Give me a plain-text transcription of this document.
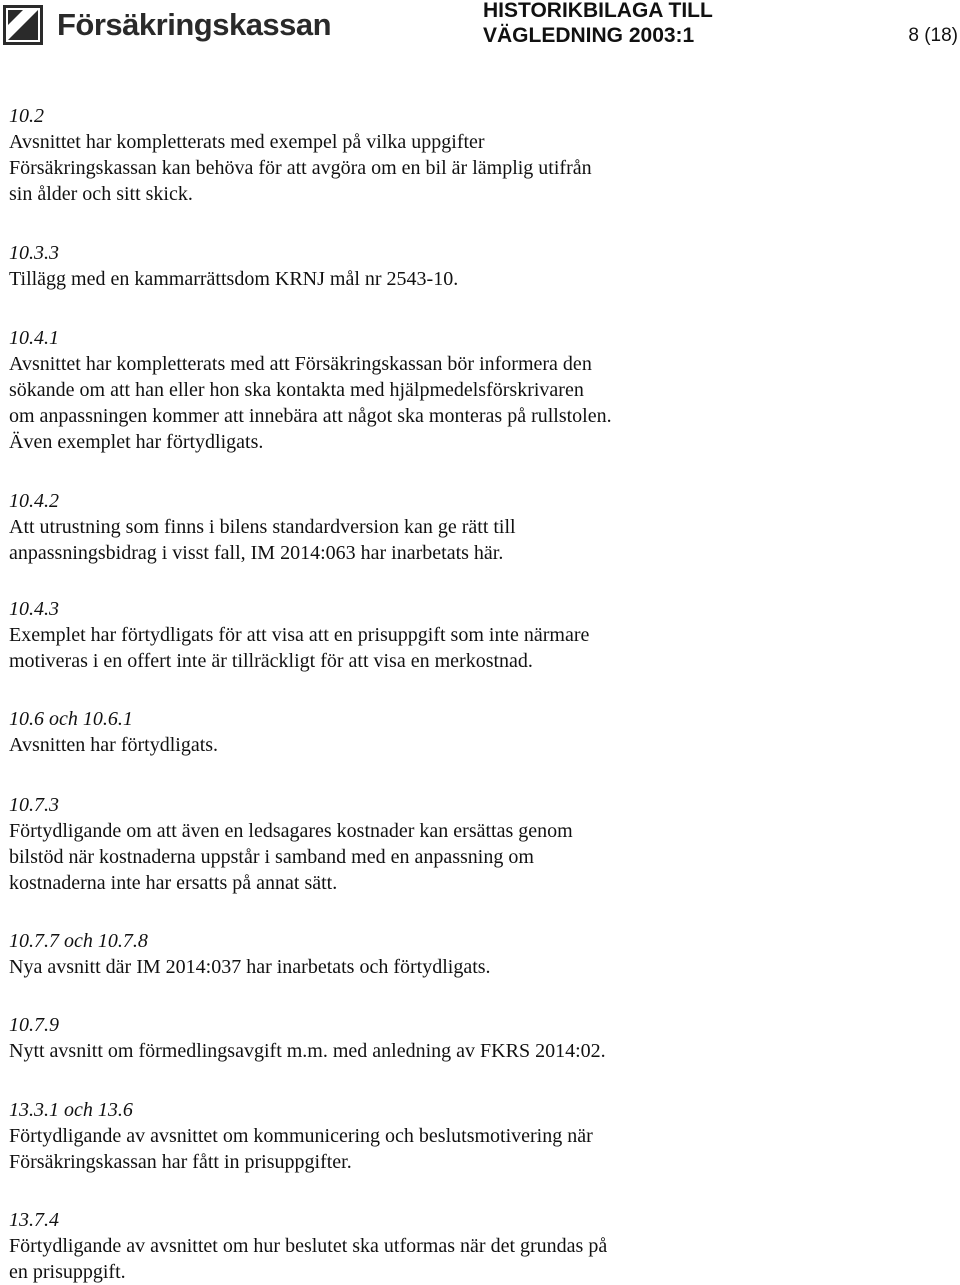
Försäkringskassan	HISTORIKBILAGA TILL
VÄGLEDNING 2003:1	8 (18)
10.2
Avsnittet har kompletterats med exempel på vilka uppgifter
Försäkringskassan kan behöva för att avgöra om en bil är lämplig utifrån
sin ålder och sitt skick.
10.3.3
Tillägg med en kammarrättsdom KRNJ mål nr 2543-10.
10.4.1
Avsnittet har kompletterats med att Försäkringskassan bör informera den
sökande om att han eller hon ska kontakta med hjälpmedelsförskrivaren
om anpassningen kommer att innebära att något ska monteras på rullstolen.
Även exemplet har förtydligats.
10.4.2
Att utrustning som finns i bilens standardversion kan ge rätt till
anpassningsbidrag i visst fall, IM 2014:063 har inarbetats här.
10.4.3
Exemplet har förtydligats för att visa att en prisuppgift som inte närmare
motiveras i en offert inte är tillräckligt för att visa en merkostnad.
10.6 och 10.6.1
Avsnitten har förtydligats.
10.7.3
Förtydligande om att även en ledsagares kostnader kan ersättas genom
bilstöd när kostnaderna uppstår i samband med en anpassning om
kostnaderna inte har ersatts på annat sätt.
10.7.7 och 10.7.8
Nya avsnitt där IM 2014:037 har inarbetats och förtydligats.
10.7.9
Nytt avsnitt om förmedlingsavgift m.m. med anledning av FKRS 2014:02.
13.3.1 och 13.6
Förtydligande av avsnittet om kommunicering och beslutsmotivering när
Försäkringskassan har fått in prisuppgifter.
13.7.4
Förtydligande av avsnittet om hur beslutet ska utformas när det grundas på
en prisuppgift.
